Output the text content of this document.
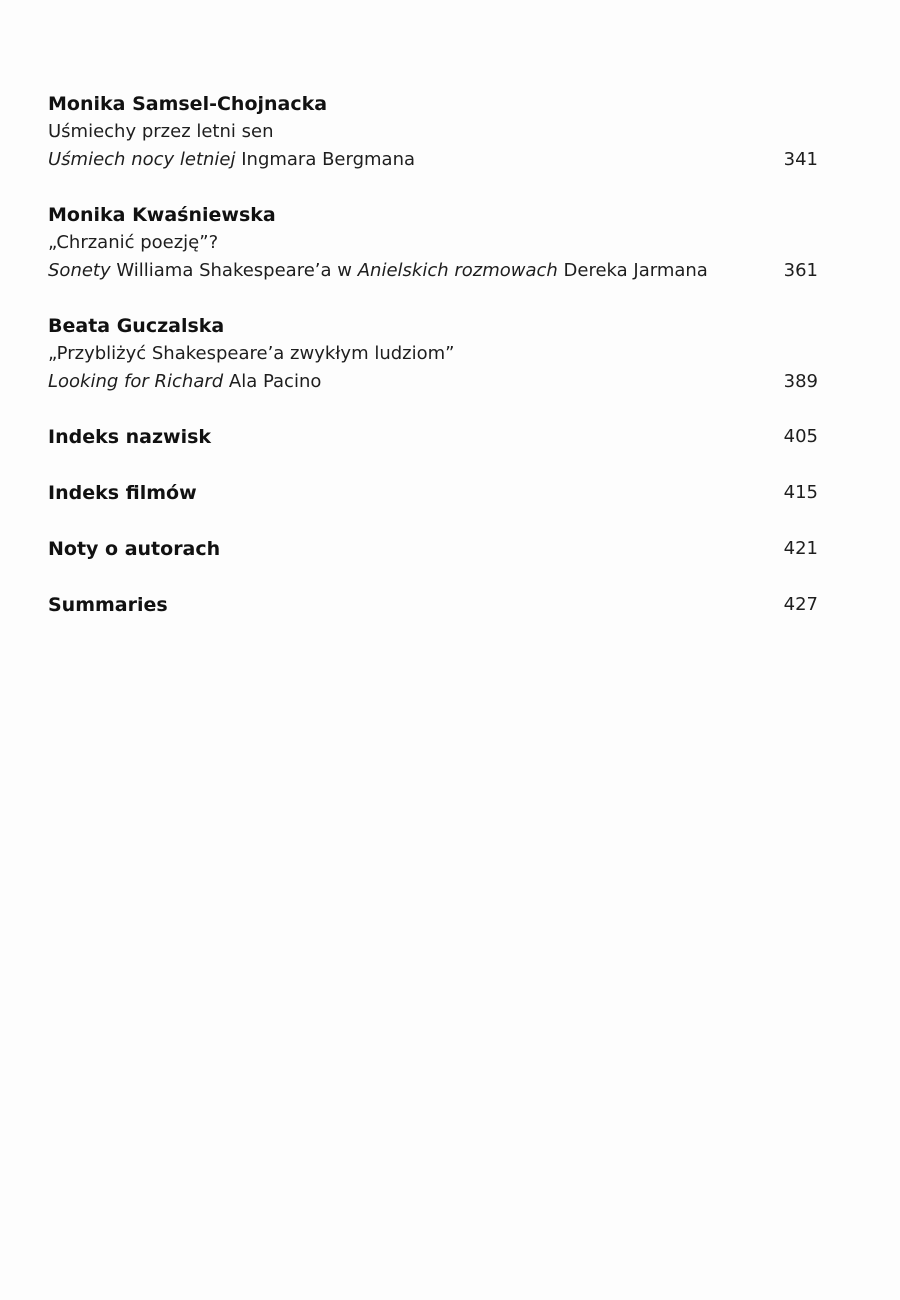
Monika Samsel-Chojnacka
Uśmiechy przez letni sen
Uśmiech nocy letniej Ingmara Bergmana	341
Monika Kwaśniewska
„Chrzanić poezję”?
Sonety Williama Shakespeare’a w Anielskich rozmowach Dereka Jarmana	361
Beata Guczalska
„Przybliżyć Shakespeare’a zwykłym ludziom”
Looking for Richard Ala Pacino	389
Indeks nazwisk	405
Indeks filmów	415
Noty o autorach	421
Summaries	427
